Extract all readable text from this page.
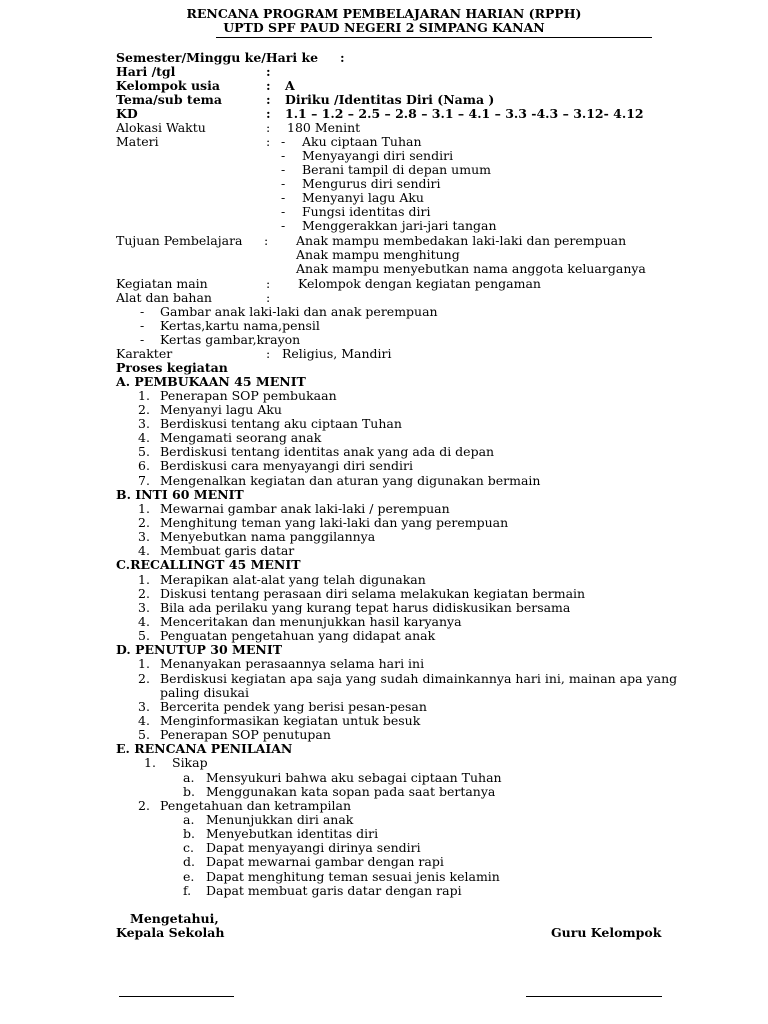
RENCANA PROGRAM PEMBELAJARAN HARIAN (RPPH)
UPTD SPF PAUD NEGERI 2 SIMPANG KANAN
Semester/Minggu ke/Hari ke :
Hari /tgl	:
Kelompok usia	: A
Tema/sub tema	: Diriku /Identitas Diri (Nama )
KD	: 1.1 – 1.2 – 2.5 – 2.8 – 3.1 – 4.1 – 3.3 -4.3 – 3.12- 4.12
Alokasi Waktu	: 180 Menint
Materi	: - Aku ciptaan Tuhan
- Menyayangi diri sendiri
- Berani tampil di depan umum
- Mengurus diri sendiri
- Menyanyi lagu Aku
- Fungsi identitas diri
- Menggerakkan jari-jari tangan
Tujuan Pembelajara : Anak mampu membedakan laki-laki dan perempuan
Anak mampu menghitung
Anak mampu menyebutkan nama anggota keluarganya
Kegiatan main	: Kelompok dengan kegiatan pengaman
Alat dan bahan	:
- Gambar anak laki-laki dan anak perempuan
- Kertas,kartu nama,pensil
- Kertas gambar,krayon
Karakter	: Religius, Mandiri
Proses kegiatan
A. PEMBUKAAN 45 MENIT
1. Penerapan SOP pembukaan
2. Menyanyi lagu Aku
3. Berdiskusi tentang aku ciptaan Tuhan
4. Mengamati seorang anak
5. Berdiskusi tentang identitas anak yang ada di depan
6. Berdiskusi cara menyayangi diri sendiri
7. Mengenalkan kegiatan dan aturan yang digunakan bermain
B. INTI 60 MENIT
1. Mewarnai gambar anak laki-laki / perempuan
2. Menghitung teman yang laki-laki dan yang perempuan
3. Menyebutkan nama panggilannya
4. Membuat garis datar
C.RECALLINGT 45 MENIT
1. Merapikan alat-alat yang telah digunakan
2. Diskusi tentang perasaan diri selama melakukan kegiatan bermain
3. Bila ada perilaku yang kurang tepat harus didiskusikan bersama
4. Menceritakan dan menunjukkan hasil karyanya
5. Penguatan pengetahuan yang didapat anak
D. PENUTUP 30 MENIT
1. Menanyakan perasaannya selama hari ini
2. Berdiskusi kegiatan apa saja yang sudah dimainkannya hari ini, mainan apa yang
paling disukai
3. Bercerita pendek yang berisi pesan-pesan
4. Menginformasikan kegiatan untuk besuk
5. Penerapan SOP penutupan
E. RENCANA PENILAIAN
1. Sikap
a. Mensyukuri bahwa aku sebagai ciptaan Tuhan
b. Menggunakan kata sopan pada saat bertanya
2. Pengetahuan dan ketrampilan
a. Menunjukkan diri anak
b. Menyebutkan identitas diri
c. Dapat menyayangi dirinya sendiri
d. Dapat mewarnai gambar dengan rapi
e. Dapat menghitung teman sesuai jenis kelamin
f. Dapat membuat garis datar dengan rapi
Mengetahui,
Kepala Sekolah	Guru Kelompok
